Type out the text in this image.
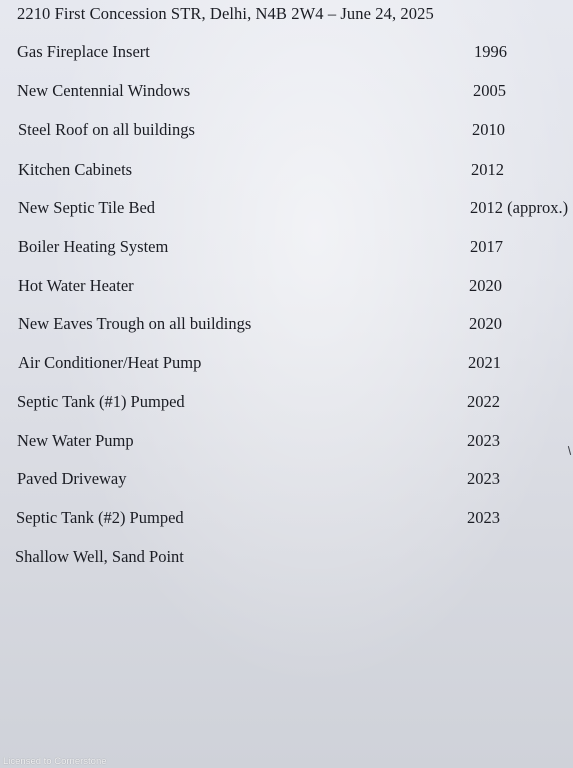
2210 First Concession STR, Delhi, N4B 2W4 – June 24, 2025
Gas Fireplace Insert	1996
New Centennial Windows	2005
Steel Roof on all buildings	2010
Kitchen Cabinets	2012
New Septic Tile Bed	2012 (approx.)
Boiler Heating System	2017
Hot Water Heater	2020
New Eaves Trough on all buildings	2020
Air Conditioner/Heat Pump	2021
Septic Tank (#1) Pumped	2022
New Water Pump	2023
Paved Driveway	2023
Septic Tank (#2) Pumped	2023
Shallow Well, Sand Point
Licensed to Cornerstone
